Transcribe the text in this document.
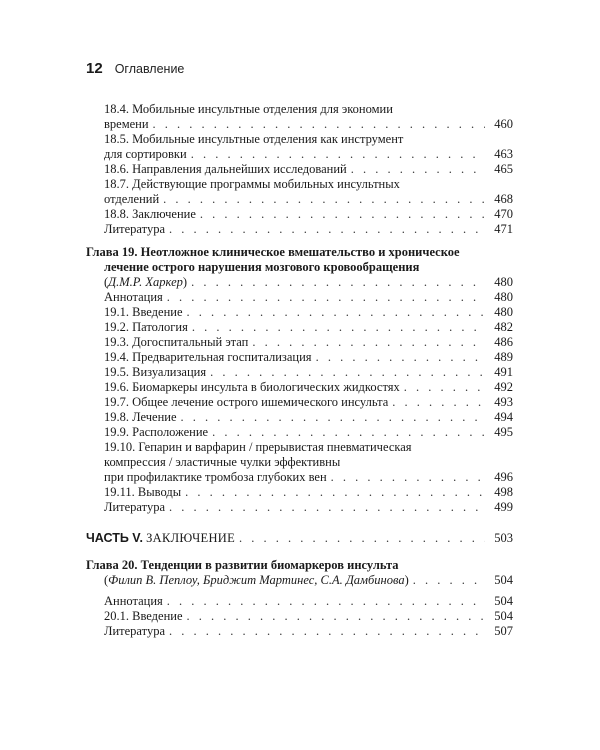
12 Оглавление
18.4. Мобильные инсультные отделения для экономии
времени . . .	460
18.5. Мобильные инсультные отделения как инструмент
для сортировки . . .	463
18.6. Направления дальнейших исследований . . .	465
18.7. Действующие программы мобильных инсультных
отделений . . .	468
18.8. Заключение . . .	470
Литература . . .	471
Глава 19. Неотложное клиническое вмешательство и хроническое
лечение острого нарушения мозгового кровообращения
(Д.М.Р. Харкер) . . .	480
Аннотация . . .	480
19.1. Введение . . .	480
19.2. Патология . . .	482
19.3. Догоспитальный этап . . .	486
19.4. Предварительная госпитализация . . .	489
19.5. Визуализация . . .	491
19.6. Биомаркеры инсульта в биологических жидкостях . . .	492
19.7. Общее лечение острого ишемического инсульта . . .	493
19.8. Лечение . . .	494
19.9. Расположение . . .	495
19.10. Гепарин и варфарин / прерывистая пневматическая
компрессия / эластичные чулки эффективны
при профилактике тромбоза глубоких вен . . .	496
19.11. Выводы . . .	498
Литература . . .	499
ЧАСТЬ V. ЗАКЛЮЧЕНИЕ . . .	503
Глава 20. Тенденции в развитии биомаркеров инсульта
(Филип В. Пеплоу, Бриджит Мартинес, С.А. Дамбинова) . . .	504
Аннотация . . .	504
20.1. Введение . . .	504
Литература . . .	507
